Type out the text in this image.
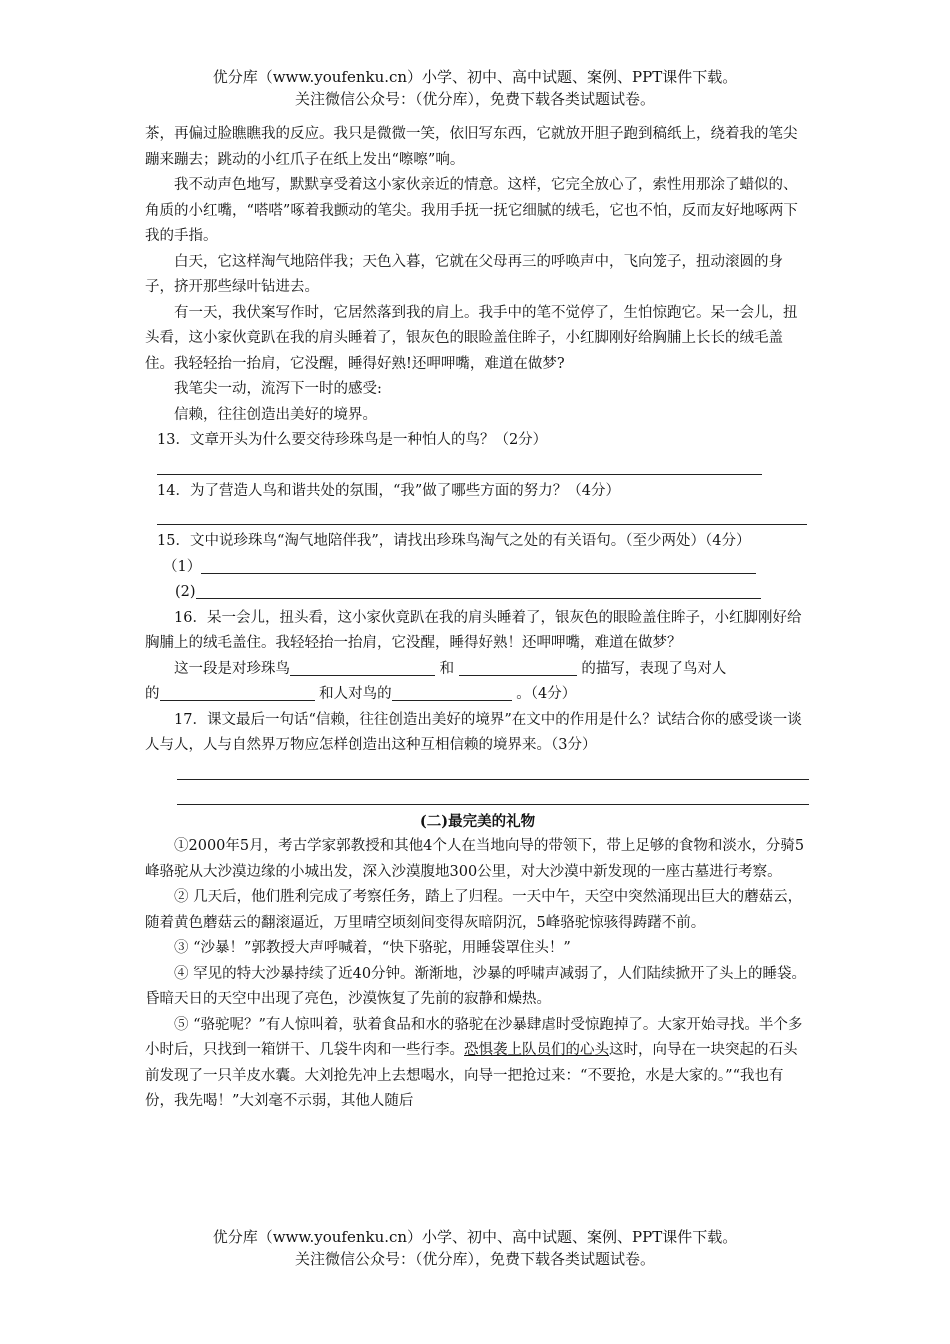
优分库（www.youfenku.cn）小学、初中、高中试题、案例、PPT课件下载。
关注微信公众号：（优分库），免费下载各类试题试卷。

茶，再偏过脸瞧瞧我的反应。我只是微微一笑，依旧写东西，它就放开胆子跑到稿纸上，绕着我的笔尖蹦来蹦去；跳动的小红爪子在纸上发出“嚓嚓”响。

我不动声色地写，默默享受着这小家伙亲近的情意。这样，它完全放心了，索性用那涂了蜡似的、角质的小红嘴，“嗒嗒”啄着我颤动的笔尖。我用手抚一抚它细腻的绒毛，它也不怕，反而友好地啄两下我的手指。

白天，它这样淘气地陪伴我；天色入暮，它就在父母再三的呼唤声中，飞向笼子，扭动滚圆的身子，挤开那些绿叶钻进去。

有一天，我伏案写作时，它居然落到我的肩上。我手中的笔不觉停了，生怕惊跑它。呆一会儿，扭头看，这小家伙竟趴在我的肩头睡着了，银灰色的眼睑盖住眸子，小红脚刚好给胸脯上长长的绒毛盖住。我轻轻抬一抬肩，它没醒，睡得好熟!还呷呷嘴，难道在做梦?

我笔尖一动，流泻下一时的感受:

信赖，往往创造出美好的境界。

13．文章开头为什么要交待珍珠鸟是一种怕人的鸟？（2分）

14．为了营造人鸟和谐共处的氛围，“我”做了哪些方面的努力？（4分）

15．文中说珍珠鸟“淘气地陪伴我”，请找出珍珠鸟淘气之处的有关语句。（至少两处）（4分）

（1）

(2)

16．呆一会儿，扭头看，这小家伙竟趴在我的肩头睡着了，银灰色的眼睑盖住眸子，小红脚刚好给胸脯上的绒毛盖住。我轻轻抬一抬肩，它没醒，睡得好熟！还呷呷嘴，难道在做梦？

这一段是对珍珠鸟	和	的描写，表现了鸟对人

的	和人对鸟的	。（4分）

17．课文最后一句话“信赖，往往创造出美好的境界”在文中的作用是什么？试结合你的感受谈一谈人与人，人与自然界万物应怎样创造出这种互相信赖的境界来。（3分）

(二)最完美的礼物

①2000年5月，考古学家郭教授和其他4个人在当地向导的带领下，带上足够的食物和淡水，分骑5峰骆驼从大沙漠边缘的小城出发，深入沙漠腹地300公里，对大沙漠中新发现的一座古墓进行考察。

② 几天后，他们胜利完成了考察任务，踏上了归程。一天中午，天空中突然涌现出巨大的蘑菇云，随着黄色蘑菇云的翻滚逼近，万里晴空顷刻间变得灰暗阴沉，5峰骆驼惊骇得踌躇不前。

③ “沙暴！”郭教授大声呼喊着，“快下骆驼，用睡袋罩住头！”

④ 罕见的特大沙暴持续了近40分钟。渐渐地，沙暴的呼啸声减弱了，人们陆续掀开了头上的睡袋。昏暗天日的天空中出现了亮色，沙漠恢复了先前的寂静和燥热。

⑤ “骆驼呢？”有人惊叫着，驮着食品和水的骆驼在沙暴肆虐时受惊跑掉了。大家开始寻找。半个多小时后，只找到一箱饼干、几袋牛肉和一些行李。恐惧袭上队员们的心头这时，向导在一块突起的石头前发现了一只羊皮水囊。大刘抢先冲上去想喝水，向导一把抢过来：“不要抢，水是大家的。”“我也有份，我先喝！”大刘毫不示弱，其他人随后

优分库（www.youfenku.cn）小学、初中、高中试题、案例、PPT课件下载。
关注微信公众号：（优分库），免费下载各类试题试卷。
